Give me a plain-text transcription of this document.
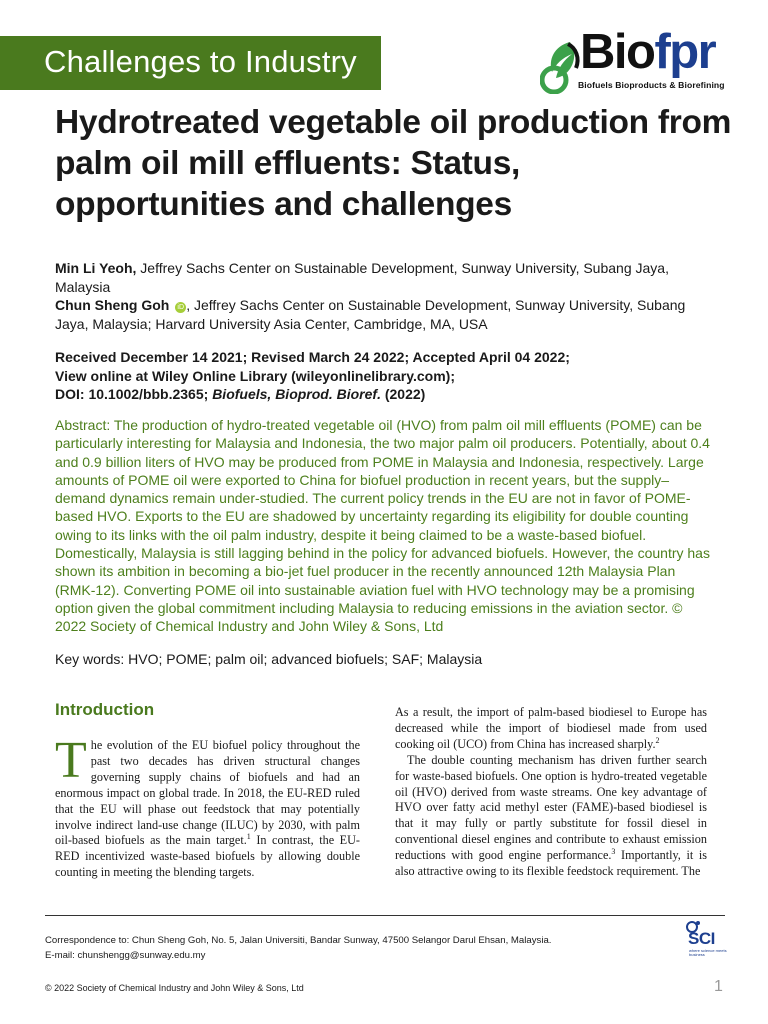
Challenges to Industry	Biofpr
Biofuels Bioproducts & Biorefining
Hydrotreated vegetable oil production from palm oil mill effluents: Status, opportunities and challenges

Min Li Yeoh, Jeffrey Sachs Center on Sustainable Development, Sunway University, Subang Jaya, Malaysia

Chun Sheng Goh iD , Jeffrey Sachs Center on Sustainable Development, Sunway University, Subang Jaya, Malaysia; Harvard University Asia Center, Cambridge, MA, USA

Received December 14 2021; Revised March 24 2022; Accepted April 04 2022;

View online at Wiley Online Library (wileyonlinelibrary.com);

DOI: 10.1002/bbb.2365; Biofuels, Bioprod. Bioref. (2022)

Abstract: The production of hydro-treated vegetable oil (HVO) from palm oil mill effluents (POME) can be particularly interesting for Malaysia and Indonesia, the two major palm oil producers. Potentially, about 0.4 and 0.9 billion liters of HVO may be produced from POME in Malaysia and Indonesia, respectively. Large amounts of POME oil were exported to China for biofuel production in recent years, but the supply–demand dynamics remain under-studied. The current policy trends in the EU are not in favor of POME-based HVO. Exports to the EU are shadowed by uncertainty regarding its eligibility for double counting owing to its links with the oil palm industry, despite it being claimed to be a waste-based biofuel. Domestically, Malaysia is still lagging behind in the policy for advanced biofuels. However, the country has shown its ambition in becoming a bio-jet fuel producer in the recently announced 12th Malaysia Plan (RMK-12). Converting POME oil into sustainable aviation fuel with HVO technology may be a promising option given the global commitment including Malaysia to reducing emissions in the aviation sector. © 2022 Society of Chemical Industry and John Wiley & Sons, Ltd

Key words: HVO; POME; palm oil; advanced biofuels; SAF; Malaysia
Introduction

The evolution of the EU biofuel policy throughout the past two decades has driven structural changes governing supply chains of biofuels and had an enormous impact on global trade. In 2018, the EU-RED ruled that the EU will phase out feedstock that may potentially involve indirect land-use change (ILUC) by 2030, with palm oil-based biofuels as the main target.$^1$ In contrast, the EU-RED incentivized waste-based biofuels by allowing double counting in meeting the blending targets.

As a result, the import of palm-based biodiesel to Europe has decreased while the import of biodiesel made from used cooking oil (UCO) from China has increased sharply.$^2$

The double counting mechanism has driven further search for waste-based biofuels. One option is hydro-treated vegetable oil (HVO) derived from waste streams. One key advantage of HVO over fatty acid methyl ester (FAME)-based biodiesel is that it may fully or partly substitute for fossil diesel in conventional diesel engines and contribute to exhaust emission reductions with good engine performance.$^3$ Importantly, it is also attractive owing to its flexible feedstock requirement. The

Correspondence to: Chun Sheng Goh, No. 5, Jalan Universiti, Bandar Sunway, 47500 Selangor Darul Ehsan, Malaysia.
E-mail: chunshengg@sunway.edu.my
SCI
where science meets business
© 2022 Society of Chemical Industry and John Wiley & Sons, Ltd	1
